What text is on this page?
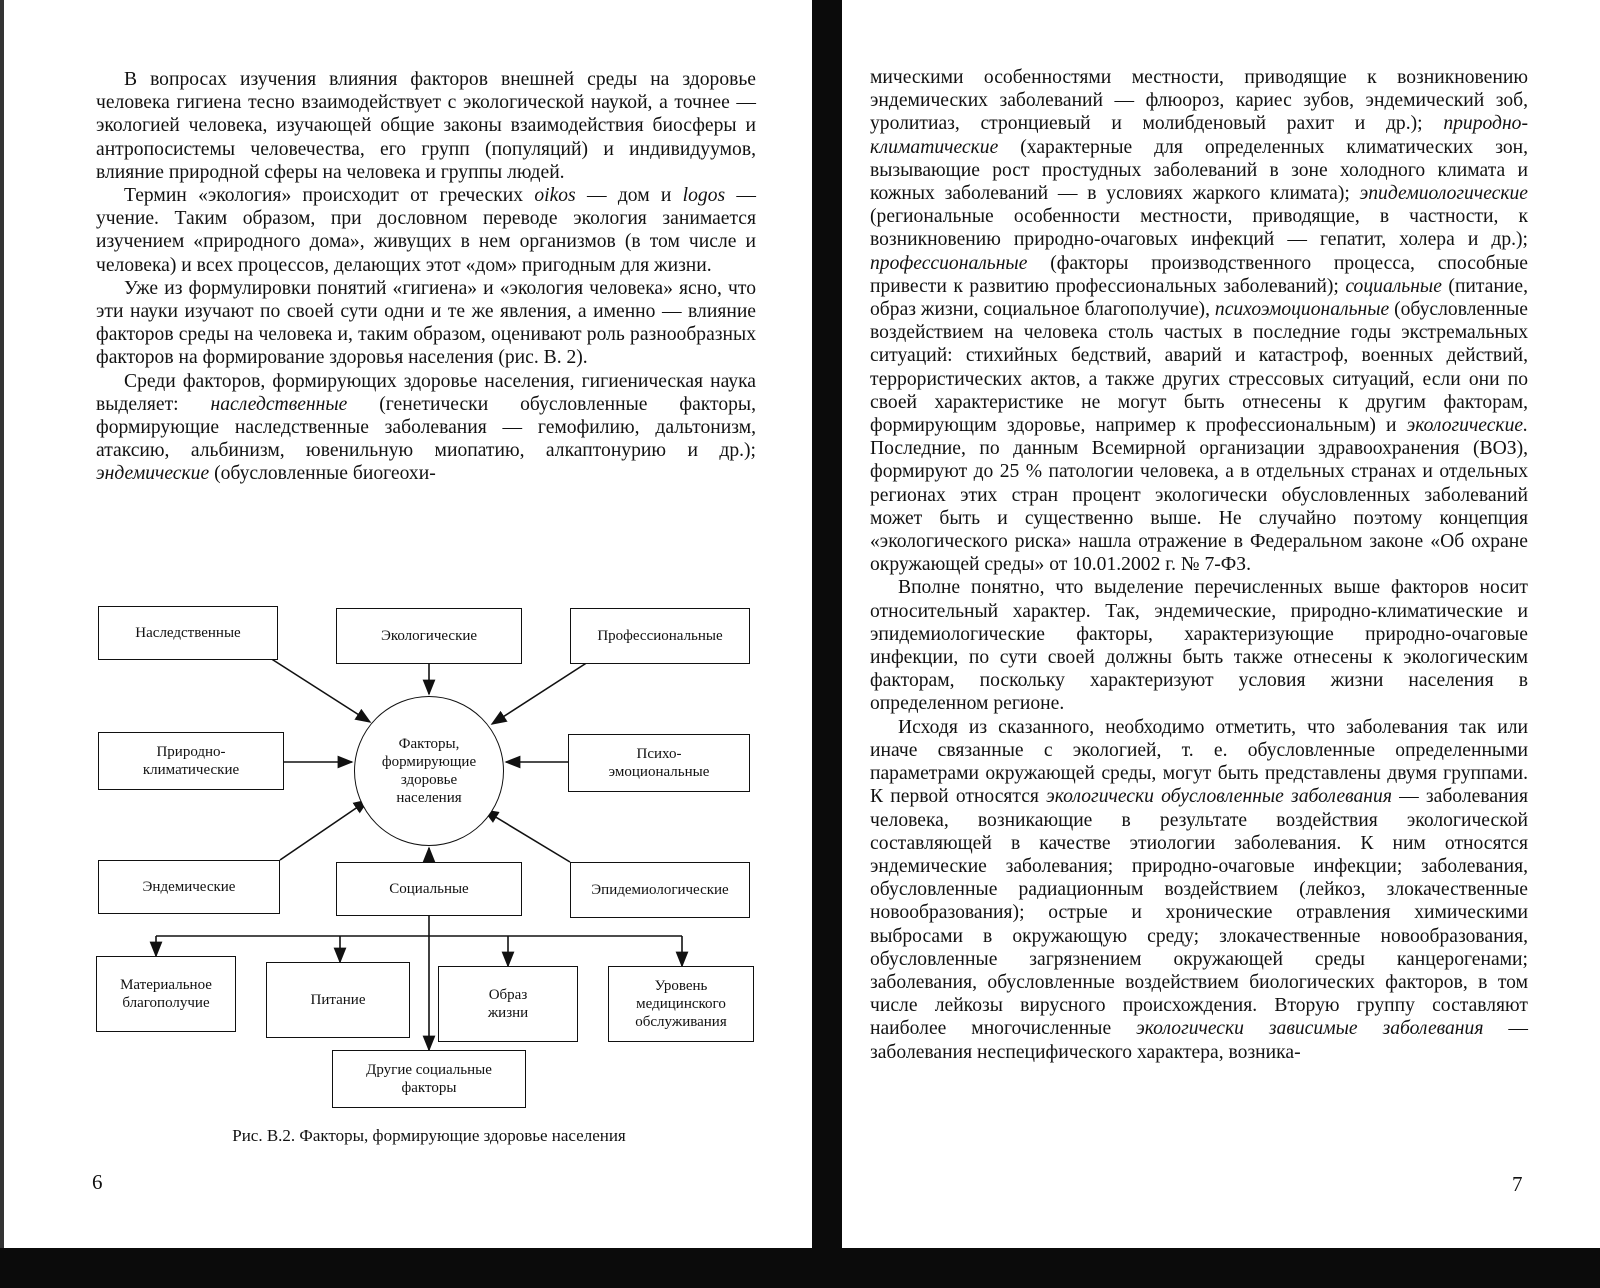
В вопросах изучения влияния факторов внешней среды на здоровье человека гигиена тесно взаимодействует с экологической наукой, а точнее — экологией человека, изучающей общие законы взаимодействия биосферы и антропосистемы человечества, его групп (популяций) и индивидуумов, влияние природной сферы на человека и группы людей.

Термин «экология» происходит от греческих oikos — дом и logos — учение. Таким образом, при дословном переводе экология занимается изучением «природного дома», живущих в нем организмов (в том числе и человека) и всех процессов, делающих этот «дом» пригодным для жизни.

Уже из формулировки понятий «гигиена» и «экология человека» ясно, что эти науки изучают по своей сути одни и те же явления, а именно — влияние факторов среды на человека и, таким образом, оценивают роль разнообразных факторов на формирование здоровья населения (рис. В. 2).

Среди факторов, формирующих здоровье населения, гигиеническая наука выделяет: наследственные (генетически обусловленные факторы, формирующие наследственные заболевания — гемофилию, дальтонизм, атаксию, альбинизм, ювенильную миопатию, алкаптонурию и др.); эндемические (обусловленные биогеохи-

Наследственные	Экологические	Профессиональные
Природно-климатические
Психо-эмоциональные
Эндемические	Социальные	Эпидемиологические
Факторы, формирующие здоровье населения
Материальное благополучие	Питание	Образ жизни
Уровень медицинского обслуживания
Другие социальные факторы
Рис. В.2. Факторы, формирующие здоровье населения
6

мическими особенностями местности, приводящие к возникновению эндемических заболеваний — флюороз, кариес зубов, эндемический зоб, уролитиаз, стронциевый и молибденовый рахит и др.); природно-климатические (характерные для определенных климатических зон, вызывающие рост простудных заболеваний в зоне холодного климата и кожных заболеваний — в условиях жаркого климата); эпидемиологические (региональные особенности местности, приводящие, в частности, к возникновению природно-очаговых инфекций — гепатит, холера и др.); профессиональные (факторы производственного процесса, способные привести к развитию профессиональных заболеваний); социальные (питание, образ жизни, социальное благополучие), психоэмоциональные (обусловленные воздействием на человека столь частых в последние годы экстремальных ситуаций: стихийных бедствий, аварий и катастроф, военных действий, террористических актов, а также других стрессовых ситуаций, если они по своей характеристике не могут быть отнесены к другим факторам, формирующим здоровье, например к профессиональным) и экологические. Последние, по данным Всемирной организации здравоохранения (ВОЗ), формируют до 25 % патологии человека, а в отдельных странах и отдельных регионах этих стран процент экологически обусловленных заболеваний может быть и существенно выше. Не случайно поэтому концепция «экологического риска» нашла отражение в Федеральном законе «Об охране окружающей среды» от 10.01.2002 г. № 7-ФЗ.

Вполне понятно, что выделение перечисленных выше факторов носит относительный характер. Так, эндемические, природно-климатические и эпидемиологические факторы, характеризующие природно-очаговые инфекции, по сути своей должны быть также отнесены к экологическим факторам, поскольку характеризуют условия жизни населения в определенном регионе.

Исходя из сказанного, необходимо отметить, что заболевания так или иначе связанные с экологией, т. е. обусловленные определенными параметрами окружающей среды, могут быть представлены двумя группами. К первой относятся экологически обусловленные заболевания — заболевания человека, возникающие в результате воздействия экологической составляющей в качестве этиологии заболевания. К ним относятся эндемические заболевания; природно-очаговые инфекции; заболевания, обусловленные радиационным воздействием (лейкоз, злокачественные новообразования); острые и хронические отравления химическими выбросами в окружающую среду; злокачественные новообразования, обусловленные загрязнением окружающей среды канцерогенами; заболевания, обусловленные воздействием биологических факторов, в том числе лейкозы вирусного происхождения. Вторую группу составляют наиболее многочисленные экологически зависимые заболевания — заболевания неспецифического характера, возника-

7
